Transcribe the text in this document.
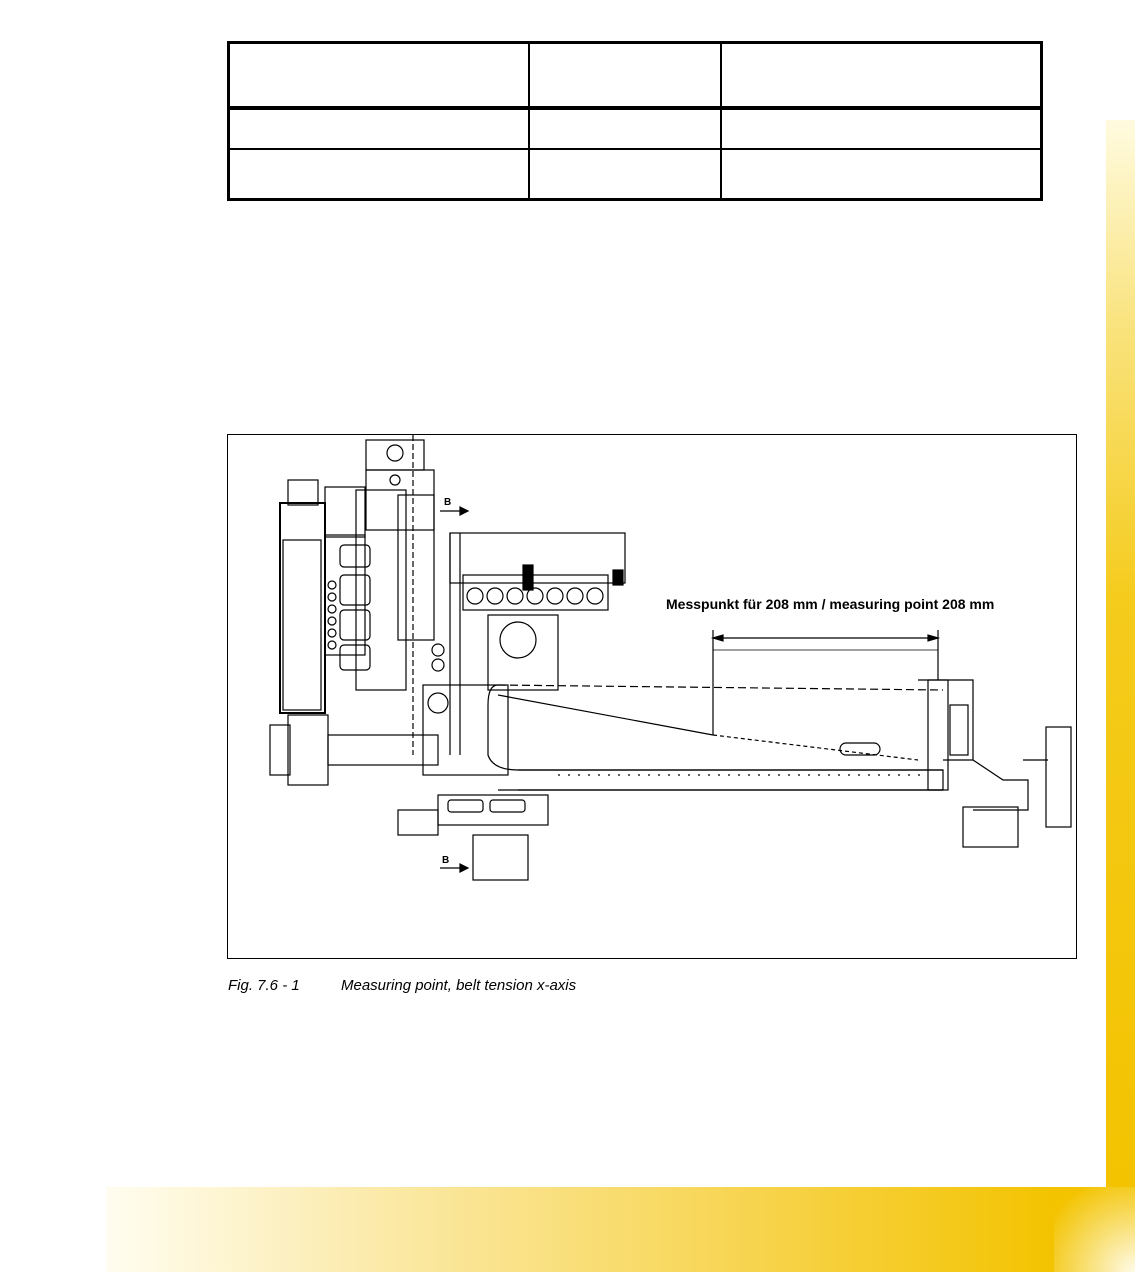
B
B
Messpunkt für 208 mm / measuring point 208 mm
Fig. 7.6 - 1	Measuring point, belt tension x-axis
